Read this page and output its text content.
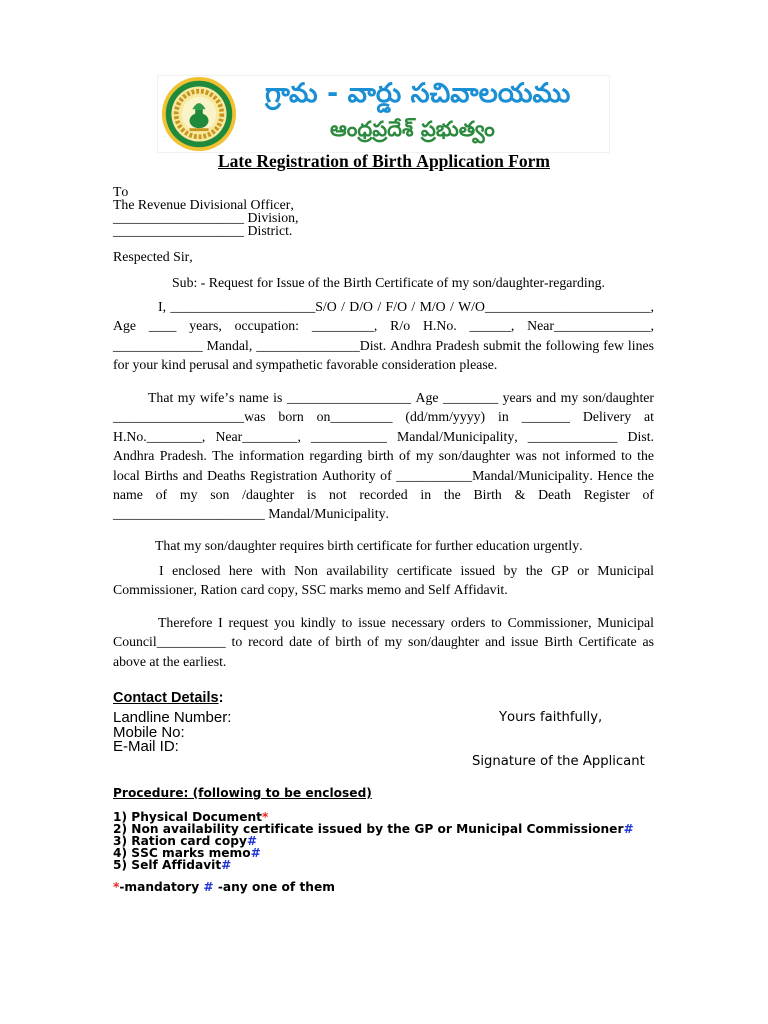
గ్రామ - వార్డు సచివాలయము
ఆంధ్రప్రదేశ్ ప్రభుత్వం
Late Registration of Birth Application Form
To
The Revenue Divisional Officer,
___________________ Division,
___________________ District.
Respected Sir,
Sub: - Request for Issue of the Birth Certificate of my son/daughter-regarding.

I, _____________________S/O / D/O / F/O / M/O / W/O________________________, Age ____ years, occupation: _________, R/o H.No. ______, Near______________, _____________ Mandal, _______________Dist. Andhra Pradesh submit the following few lines for your kind perusal and sympathetic favorable consideration please.

That my wife’s name is __________________ Age ________ years and my son/daughter ___________________was born on_________ (dd/mm/yyyy) in _______ Delivery at H.No.________, Near________, ___________ Mandal/Municipality, _____________ Dist. Andhra Pradesh. The information regarding birth of my son/daughter was not informed to the local Births and Deaths Registration Authority of ___________Mandal/Municipality. Hence the name of my son /daughter is not recorded in the Birth & Death Register of ______________________ Mandal/Municipality.

That my son/daughter requires birth certificate for further education urgently.

I enclosed here with Non availability certificate issued by the GP or Municipal Commissioner, Ration card copy, SSC marks memo and Self Affidavit.

Therefore I request you kindly to issue necessary orders to Commissioner, Municipal Council__________ to record date of birth of my son/daughter and issue Birth Certificate as above at the earliest.

Contact Details:
Landline Number:
Mobile No:
E-Mail ID:
Yours faithfully,
Signature of the Applicant
Procedure: (following to be enclosed)
1) Physical Document*
2) Non availability certificate issued by the GP or Municipal Commissioner#
3) Ration card copy#
4) SSC marks memo#
5) Self Affidavit#
*-mandatory # -any one of them
